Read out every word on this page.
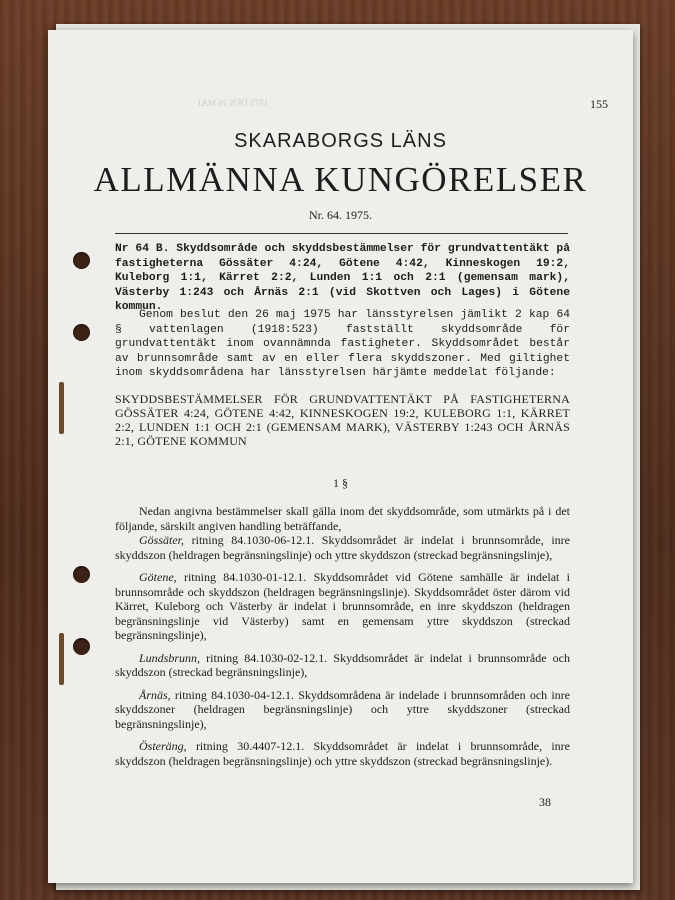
1975 DEN 26 MAJ	155
SKARABORGS LÄNS
ALLMÄNNA KUNGÖRELSER
Nr. 64. 1975.

Nr 64 B. Skyddsområde och skyddsbestämmelser för grundvattentäkt på fastigheterna Gössäter 4:24, Götene 4:42, Kinneskogen 19:2, Kuleborg 1:1, Kärret 2:2, Lunden 1:1 och 2:1 (gemensam mark), Västerby 1:243 och Årnäs 2:1 (vid Skottven och Lages) i Götene kommun.

Genom beslut den 26 maj 1975 har länsstyrelsen jämlikt 2 kap 64 § vattenlagen (1918:523) fastställt skyddsområde för grundvattentäkt inom ovannämnda fastigheter. Skyddsområdet består av brunnsområde samt av en eller flera skyddszoner. Med giltighet inom skyddsområdena har länsstyrelsen härjämte meddelat följande:

SKYDDSBESTÄMMELSER FÖR GRUNDVATTENTÄKT PÅ FASTIGHETERNA GÖSSÄTER 4:24, GÖTENE 4:42, KINNESKOGEN 19:2, KULEBORG 1:1, KÄRRET 2:2, LUNDEN 1:1 OCH 2:1 (GEMENSAM MARK), VÄSTERBY 1:243 OCH ÅRNÄS 2:1, GÖTENE KOMMUN

1 §

Nedan angivna bestämmelser skall gälla inom det skyddsområde, som utmärkts på i det följande, särskilt angiven handling beträffande,

Gössäter, ritning 84.1030-06-12.1. Skyddsområdet är indelat i brunnsområde, inre skyddszon (heldragen begränsningslinje) och yttre skyddszon (streckad begränsningslinje),

Götene, ritning 84.1030-01-12.1. Skyddsområdet vid Götene samhälle är indelat i brunnsområde och skyddszon (heldragen begränsningslinje). Skyddsområdet öster därom vid Kärret, Kuleborg och Västerby är indelat i brunnsområde, en inre skyddszon (heldragen begränsningslinje vid Västerby) samt en gemensam yttre skyddszon (streckad begränsningslinje),

Lundsbrunn, ritning 84.1030-02-12.1. Skyddsområdet är indelat i brunnsområde och skyddszon (streckad begränsningslinje),

Årnäs, ritning 84.1030-04-12.1. Skyddsområdena är indelade i brunnsområden och inre skyddszoner (heldragen begränsningslinje) och yttre skyddszoner (streckad begränsningslinje),

Österäng, ritning 30.4407-12.1. Skyddsområdet är indelat i brunnsområde, inre skyddszon (heldragen begränsningslinje) och yttre skyddszon (streckad begränsningslinje).

38
